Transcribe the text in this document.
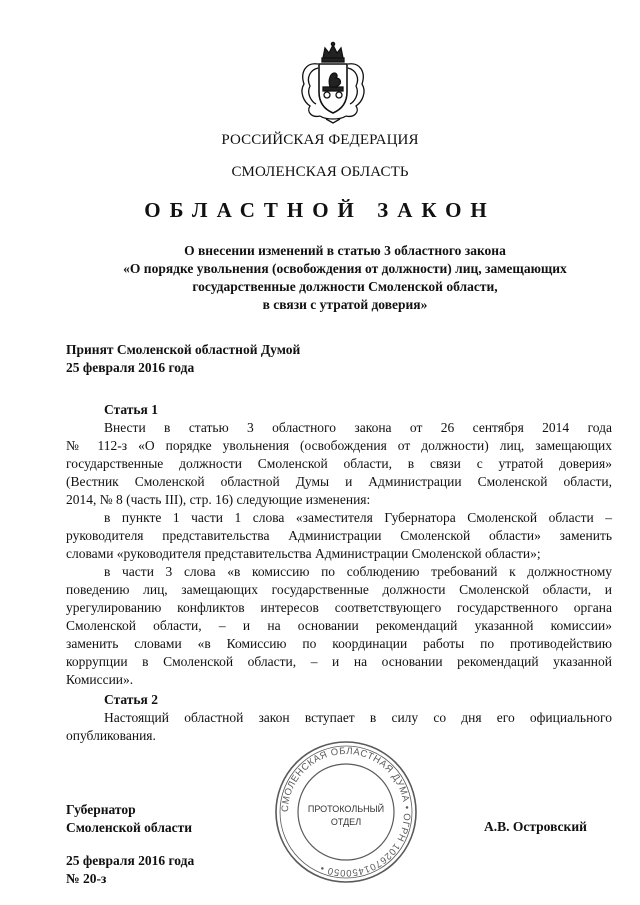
РОССИЙСКАЯ ФЕДЕРАЦИЯ
СМОЛЕНСКАЯ ОБЛАСТЬ
ОБЛАСТНОЙ ЗАКОН
О внесении изменений в статью 3 областного закона
«О порядке увольнения (освобождения от должности) лиц, замещающих
государственные должности Смоленской области,
в связи с утратой доверия»
Принят Смоленской областной Думой
25 февраля 2016 года
Статья 1
Внести в статью 3 областного закона от 26 сентября 2014 года
№ 112-з «О порядке увольнения (освобождения от должности) лиц, замещающих
государственные должности Смоленской области, в связи с утратой доверия»
(Вестник Смоленской областной Думы и Администрации Смоленской области,
2014, № 8 (часть III), стр. 16) следующие изменения:
в пункте 1 части 1 слова «заместителя Губернатора Смоленской области –
руководителя представительства Администрации Смоленской области» заменить
словами «руководителя представительства Администрации Смоленской области»;
в части 3 слова «в комиссию по соблюдению требований к должностному
поведению лиц, замещающих государственные должности Смоленской области, и
урегулированию конфликтов интересов соответствующего государственного органа
Смоленской области, – и на основании рекомендаций указанной комиссии»
заменить словами «в Комиссию по координации работы по противодействию
коррупции в Смоленской области, – и на основании рекомендаций указанной
Комиссии».
Статья 2
Настоящий областной закон вступает в силу со дня его официального
опубликования.
СМОЛЕНСКАЯ ОБЛАСТНАЯ ДУМА • ОГРН 1026701450050 •
ПРОТОКОЛЬНЫЙ
ОТДЕЛ
Губернатор
Смоленской области	А.В. Островский
25 февраля 2016 года
№ 20-з
